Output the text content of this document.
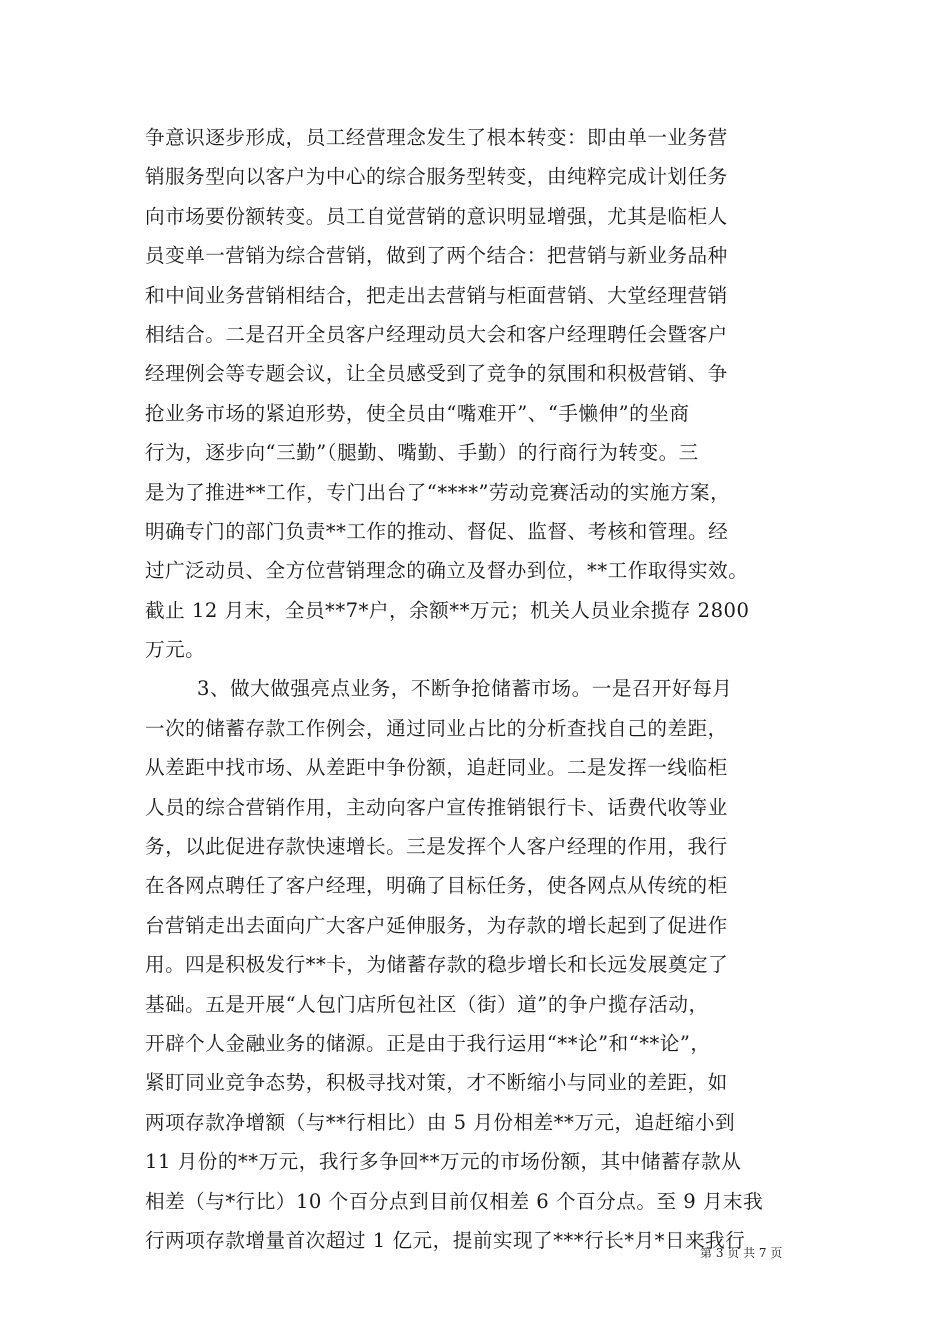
争意识逐步形成，员工经营理念发生了根本转变：即由单一业务营
销服务型向以客户为中心的综合服务型转变，由纯粹完成计划任务
向市场要份额转变。员工自觉营销的意识明显增强，尤其是临柜人
员变单一营销为综合营销，做到了两个结合：把营销与新业务品种
和中间业务营销相结合，把走出去营销与柜面营销、大堂经理营销
相结合。二是召开全员客户经理动员大会和客户经理聘任会暨客户
经理例会等专题会议，让全员感受到了竞争的氛围和积极营销、争
抢业务市场的紧迫形势，使全员由“嘴难开”、“手懒伸”的坐商
行为，逐步向“三勤”（腿勤、嘴勤、手勤）的行商行为转变。三
是为了推进**工作，专门出台了“****”劳动竞赛活动的实施方案，
明确专门的部门负责**工作的推动、督促、监督、考核和管理。经
过广泛动员、全方位营销理念的确立及督办到位，**工作取得实效。
截止 12 月末，全员**7*户，余额**万元；机关人员业余揽存 2800
万元。
3、做大做强亮点业务，不断争抢储蓄市场。一是召开好每月
一次的储蓄存款工作例会，通过同业占比的分析查找自己的差距，
从差距中找市场、从差距中争份额，追赶同业。二是发挥一线临柜
人员的综合营销作用，主动向客户宣传推销银行卡、话费代收等业
务，以此促进存款快速增长。三是发挥个人客户经理的作用，我行
在各网点聘任了客户经理，明确了目标任务，使各网点从传统的柜
台营销走出去面向广大客户延伸服务，为存款的增长起到了促进作
用。四是积极发行**卡，为储蓄存款的稳步增长和长远发展奠定了
基础。五是开展“人包门店所包社区（街）道”的争户揽存活动，
开辟个人金融业务的储源。正是由于我行运用“**论”和“**论”，
紧盯同业竞争态势，积极寻找对策，才不断缩小与同业的差距，如
两项存款净增额（与**行相比）由 5 月份相差**万元，追赶缩小到
11 月份的**万元，我行多争回**万元的市场份额，其中储蓄存款从
相差（与*行比）10 个百分点到目前仅相差 6 个百分点。至 9 月末我
行两项存款增量首次超过 1 亿元，提前实现了***行长*月*日来我行
第 3 页 共 7 页
